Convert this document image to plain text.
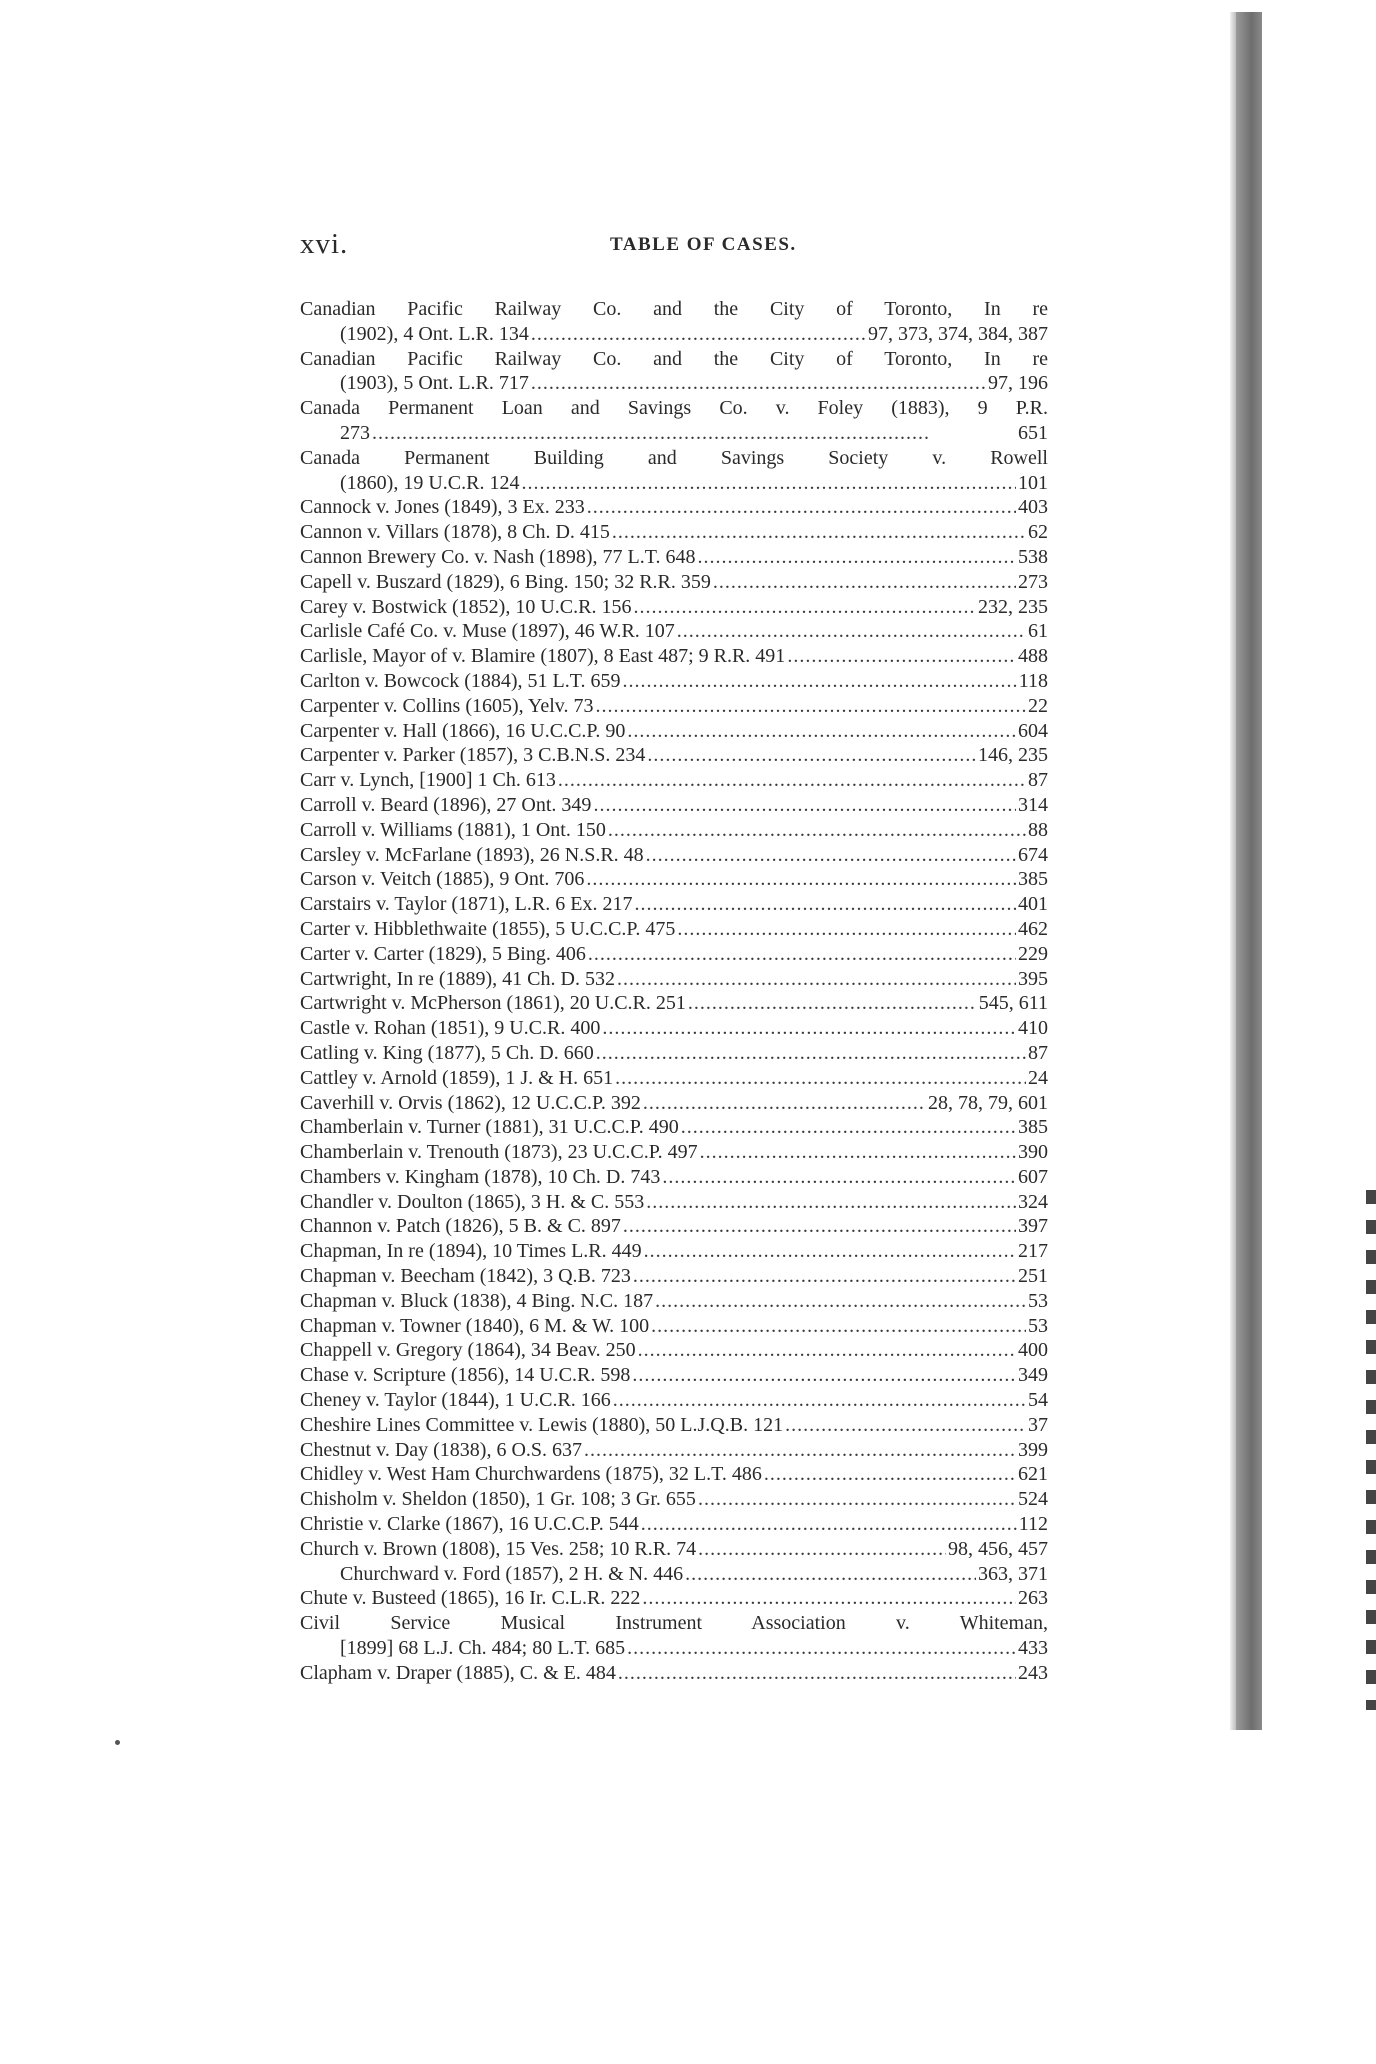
xvi.	TABLE OF CASES.
Canadian Pacific Railway Co. and the City of Toronto, In re
(1902), 4 Ont. L.R. 134 . . .	97, 373, 374, 384, 387
Canadian Pacific Railway Co. and the City of Toronto, In re
(1903), 5 Ont. L.R. 717 . . .	97, 196
Canada Permanent Loan and Savings Co. v. Foley (1883), 9 P.R.
273 . . .	651
Canada Permanent Building and Savings Society v. Rowell
(1860), 19 U.C.R. 124 . . .	101
Cannock v. Jones (1849), 3 Ex. 233 . . .	403
Cannon v. Villars (1878), 8 Ch. D. 415 . . .	62
Cannon Brewery Co. v. Nash (1898), 77 L.T. 648 . . .	538
Capell v. Buszard (1829), 6 Bing. 150; 32 R.R. 359 . . .	273
Carey v. Bostwick (1852), 10 U.C.R. 156 . . .	232, 235
Carlisle Café Co. v. Muse (1897), 46 W.R. 107 . . .	61
Carlisle, Mayor of v. Blamire (1807), 8 East 487; 9 R.R. 491 . . .	488
Carlton v. Bowcock (1884), 51 L.T. 659 . . .	118
Carpenter v. Collins (1605), Yelv. 73 . . .	22
Carpenter v. Hall (1866), 16 U.C.C.P. 90 . . .	604
Carpenter v. Parker (1857), 3 C.B.N.S. 234 . . .	146, 235
Carr v. Lynch, [1900] 1 Ch. 613 . . .	87
Carroll v. Beard (1896), 27 Ont. 349 . . .	314
Carroll v. Williams (1881), 1 Ont. 150 . . .	88
Carsley v. McFarlane (1893), 26 N.S.R. 48 . . .	674
Carson v. Veitch (1885), 9 Ont. 706 . . .	385
Carstairs v. Taylor (1871), L.R. 6 Ex. 217 . . .	401
Carter v. Hibblethwaite (1855), 5 U.C.C.P. 475 . . .	462
Carter v. Carter (1829), 5 Bing. 406 . . .	229
Cartwright, In re (1889), 41 Ch. D. 532 . . .	395
Cartwright v. McPherson (1861), 20 U.C.R. 251 . . .	545, 611
Castle v. Rohan (1851), 9 U.C.R. 400 . . .	410
Catling v. King (1877), 5 Ch. D. 660 . . .	87
Cattley v. Arnold (1859), 1 J. & H. 651 . . .	24
Caverhill v. Orvis (1862), 12 U.C.C.P. 392 . . .	28, 78, 79, 601
Chamberlain v. Turner (1881), 31 U.C.C.P. 490 . . .	385
Chamberlain v. Trenouth (1873), 23 U.C.C.P. 497 . . .	390
Chambers v. Kingham (1878), 10 Ch. D. 743 . . .	607
Chandler v. Doulton (1865), 3 H. & C. 553 . . .	324
Channon v. Patch (1826), 5 B. & C. 897 . . .	397
Chapman, In re (1894), 10 Times L.R. 449 . . .	217
Chapman v. Beecham (1842), 3 Q.B. 723 . . .	251
Chapman v. Bluck (1838), 4 Bing. N.C. 187 . . .	53
Chapman v. Towner (1840), 6 M. & W. 100 . . .	53
Chappell v. Gregory (1864), 34 Beav. 250 . . .	400
Chase v. Scripture (1856), 14 U.C.R. 598 . . .	349
Cheney v. Taylor (1844), 1 U.C.R. 166 . . .	54
Cheshire Lines Committee v. Lewis (1880), 50 L.J.Q.B. 121 . . .	37
Chestnut v. Day (1838), 6 O.S. 637 . . .	399
Chidley v. West Ham Churchwardens (1875), 32 L.T. 486 . . .	621
Chisholm v. Sheldon (1850), 1 Gr. 108; 3 Gr. 655 . . .	524
Christie v. Clarke (1867), 16 U.C.C.P. 544 . . .	112
Church v. Brown (1808), 15 Ves. 258; 10 R.R. 74 . . .	98, 456, 457
Churchward v. Ford (1857), 2 H. & N. 446 . . .	363, 371
Chute v. Busteed (1865), 16 Ir. C.L.R. 222 . . .	263
Civil Service Musical Instrument Association v. Whiteman,
[1899] 68 L.J. Ch. 484; 80 L.T. 685 . . .	433
Clapham v. Draper (1885), C. & E. 484 . . .	243
